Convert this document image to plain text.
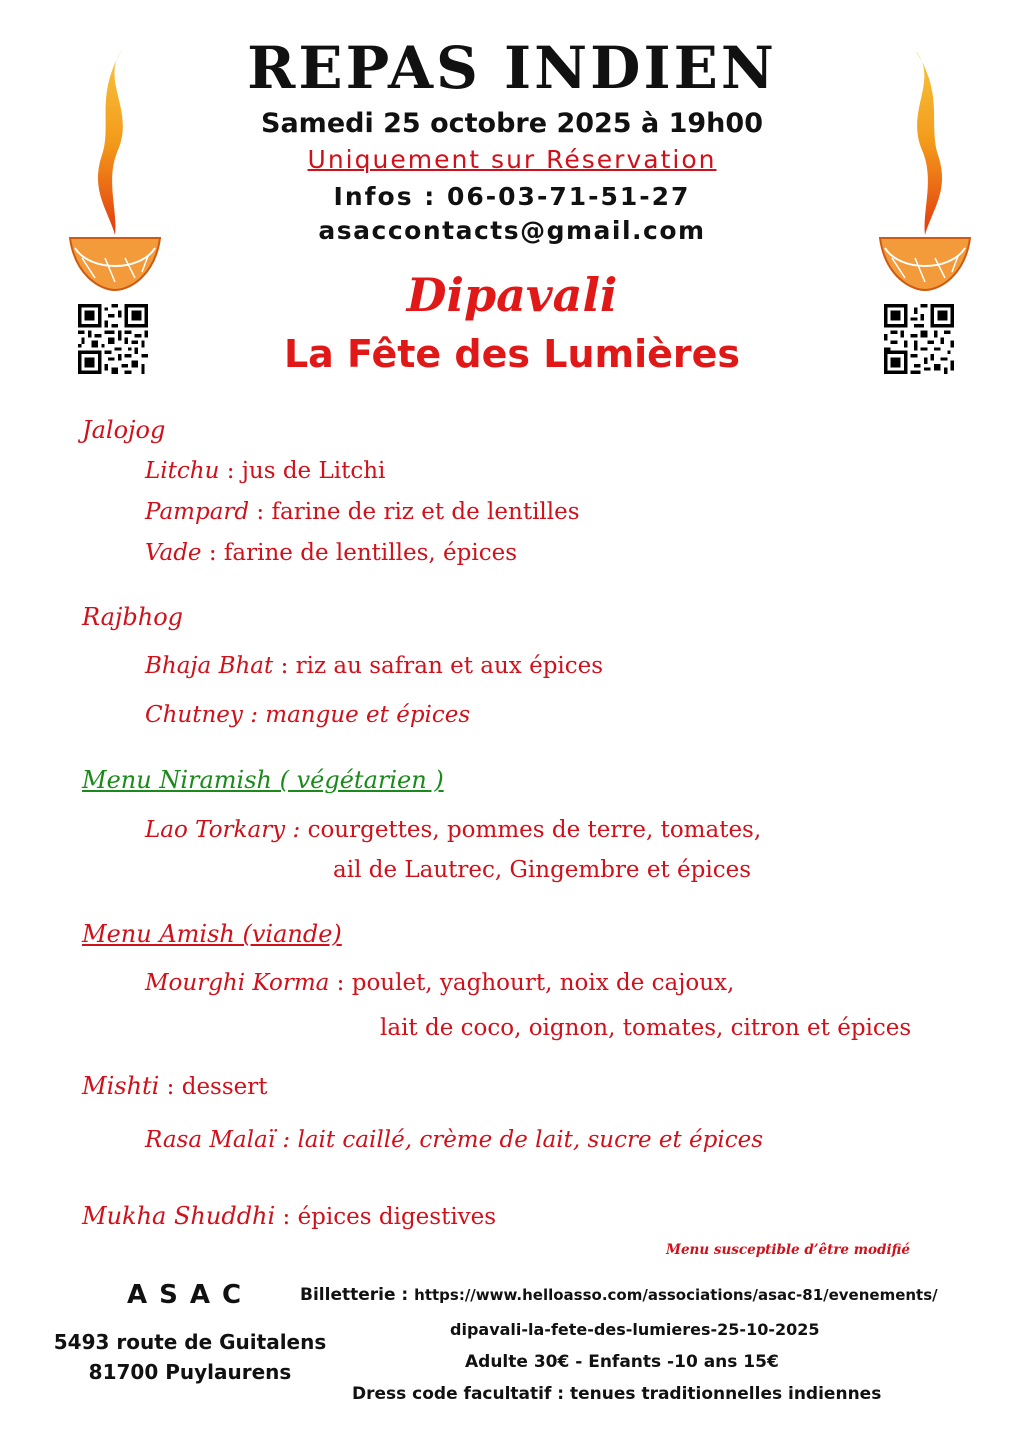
REPAS INDIEN
Samedi 25 octobre 2025 à 19h00
Uniquement sur Réservation
Infos : 06-03-71-51-27
asaccontacts@gmail.com
Dipavali
La Fête des Lumières
Jalojog
Litchu : jus de Litchi
Pampard : farine de riz et de lentilles
Vade : farine de lentilles, épices
Rajbhog
Bhaja Bhat : riz au safran et aux épices
Chutney : mangue et épices
Menu Niramish ( végétarien )
Lao Torkary : courgettes, pommes de terre, tomates,
ail de Lautrec, Gingembre et épices
Menu Amish (viande)
Mourghi Korma : poulet, yaghourt, noix de cajoux,
lait de coco, oignon, tomates, citron et épices
Mishti : dessert
Rasa Malaï : lait caillé, crème de lait, sucre et épices
Mukha Shuddhi : épices digestives
Menu susceptible d’être modifié
ASAC
5493 route de Guitalens
81700 Puylaurens
Billetterie : https://www.helloasso.com/associations/asac-81/evenements/
dipavali-la-fete-des-lumieres-25-10-2025
Adulte 30€ - Enfants -10 ans 15€
Dress code facultatif : tenues traditionnelles indiennes
